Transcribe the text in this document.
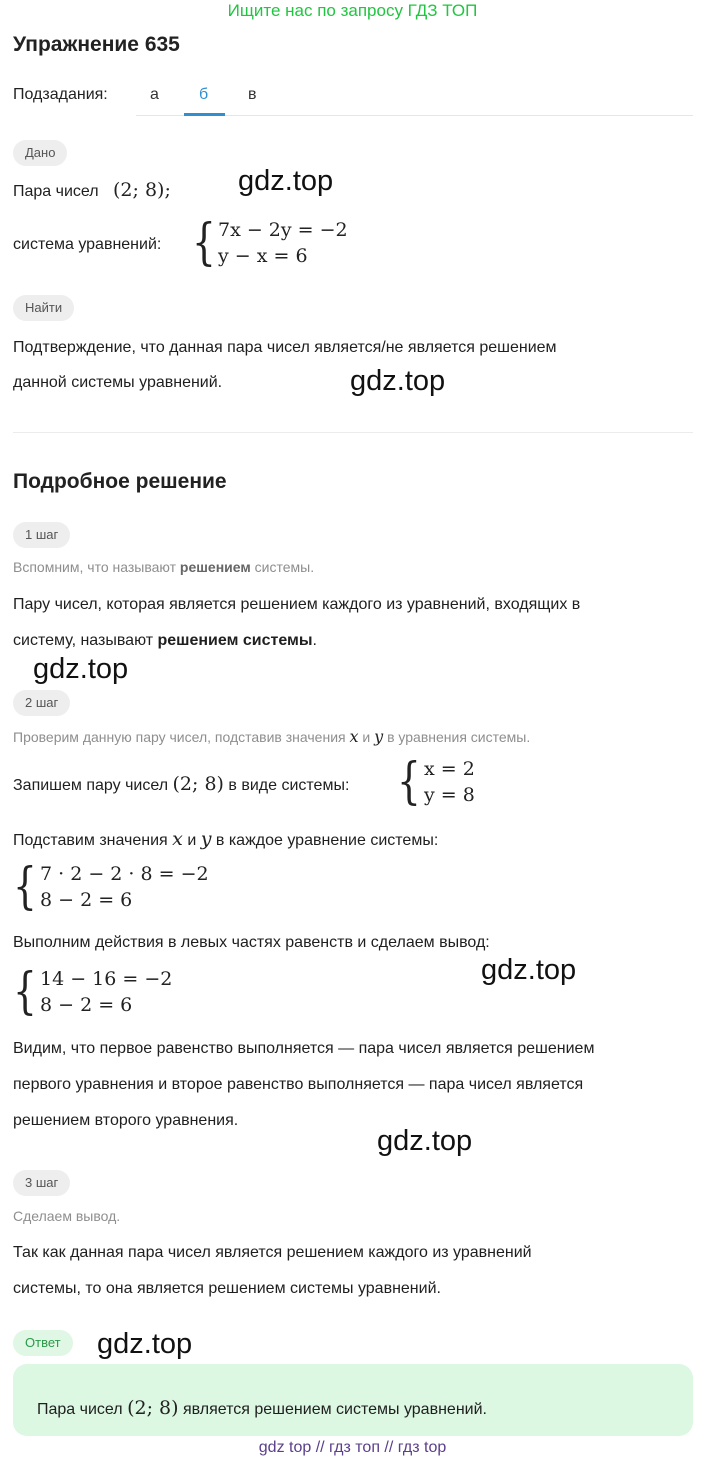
Ищите нас по запросу ГДЗ ТОП
Упражнение 635
Подзадания:	а	б в
Дано
Пара чисел (2; 8); gdz.top
система уравнений: { 7x − 2y = −2
y − x = 6
Найти
Подтверждение, что данная пара чисел является/не является решением
данной системы уравнений.	gdz.top
Подробное решение
1 шаг
Вспомним, что называют решением системы.
Пару чисел, которая является решением каждого из уравнений, входящих в
систему, называют решением системы.
gdz.top
2 шаг
Проверим данную пару чисел, подставив значения x и y в уравнения системы.
Запишем пару чисел (2; 8) в виде системы: { x = 2
y = 8
Подставим значения x и y в каждое уравнение системы:
{ 7 · 2 − 2 · 8 = −2
8 − 2 = 6
Выполним действия в левых частях равенств и сделаем вывод:
gdz.top
{ 14 − 16 = −2
8 − 2 = 6
Видим, что первое равенство выполняется — пара чисел является решением
первого уравнения и второе равенство выполняется — пара чисел является
решением второго уравнения.
gdz.top
3 шаг
Сделаем вывод.
Так как данная пара чисел является решением каждого из уравнений
системы, то она является решением системы уравнений.
Ответ	gdz.top
Пара чисел (2; 8) является решением системы уравнений.
gdz top // гдз топ // гдз top
